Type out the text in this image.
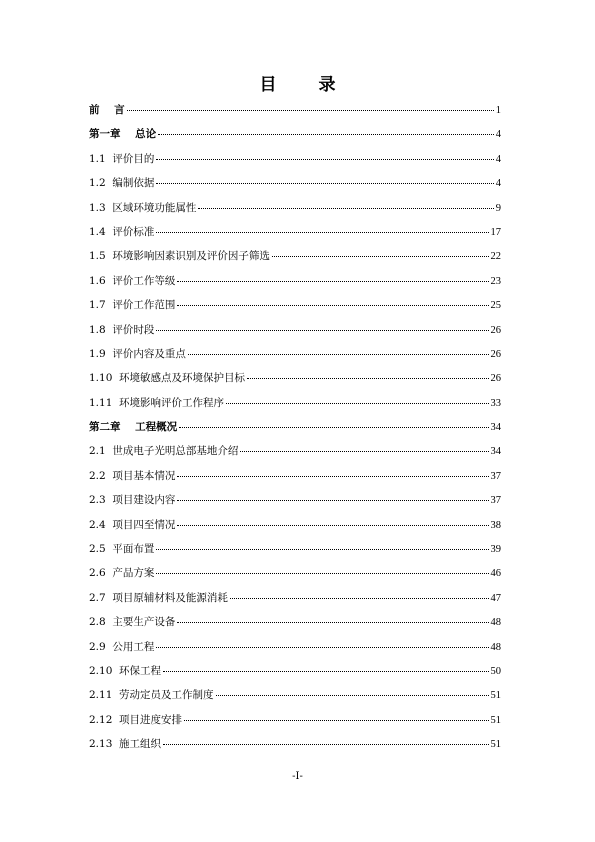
目 录
前    言	1
第一章    总论	4
1.1  评价目的	4
1.2  编制依据	4
1.3  区域环境功能属性	9
1.4  评价标准	17
1.5  环境影响因素识别及评价因子筛选	22
1.6  评价工作等级	23
1.7  评价工作范围	25
1.8  评价时段	26
1.9  评价内容及重点	26
1.10  环境敏感点及环境保护目标	26
1.11  环境影响评价工作程序	33
第二章    工程概况	34
2.1  世成电子光明总部基地介绍	34
2.2  项目基本情况	37
2.3  项目建设内容	37
2.4  项目四至情况	38
2.5  平面布置	39
2.6  产品方案	46
2.7  项目原辅材料及能源消耗	47
2.8  主要生产设备	48
2.9  公用工程	48
2.10  环保工程	50
2.11  劳动定员及工作制度	51
2.12  项目进度安排	51
2.13  施工组织	51
-I-
